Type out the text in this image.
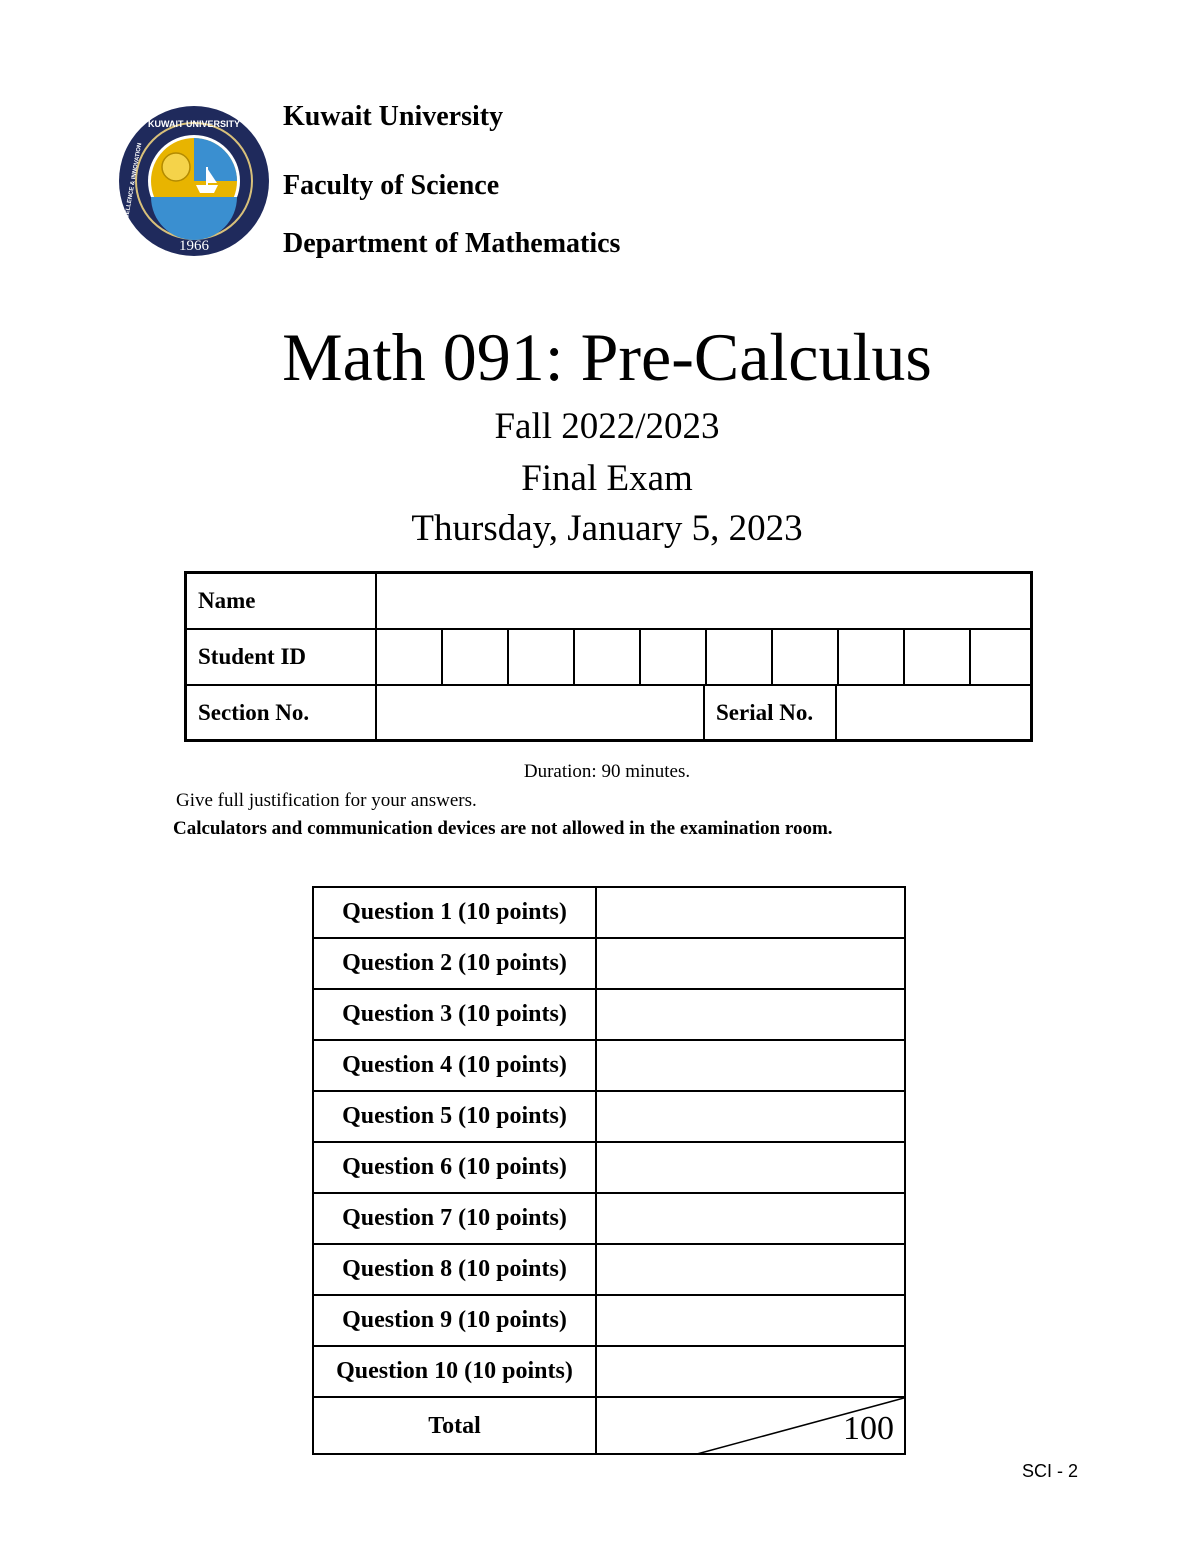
KUWAIT UNIVERSITY
EXCELLENCE & INNOVATION
1966
Kuwait University
Faculty of Science
Department of Mathematics
Math 091: Pre-Calculus
Fall 2022/2023
Final Exam
Thursday, January 5, 2023
Name
Student ID
Section No.	Serial No.
Duration: 90 minutes.
Give full justification for your answers.
Calculators and communication devices are not allowed in the examination room.
Question 1 (10 points)
Question 2 (10 points)
Question 3 (10 points)
Question 4 (10 points)
Question 5 (10 points)
Question 6 (10 points)
Question 7 (10 points)
Question 8 (10 points)
Question 9 (10 points)
Question 10 (10 points)
Total	100
SCI - 2
